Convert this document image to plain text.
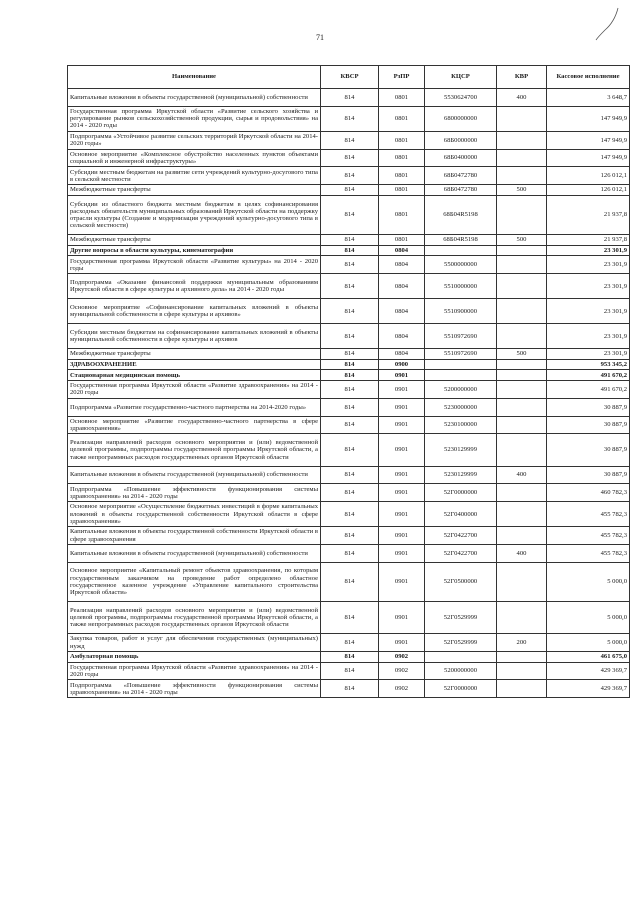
71
Наименование	КВСР	РзПР	КЦСР	КВР	Кассовое исполнение
Капитальные вложения в объекты государственной (муниципальной) собственности	814	0801	5530624700	400	3 648,7
Государственная программа Иркутской области «Развитие сельского хозяйства и регулирование рынков сельскохозяйственной продукции, сырья и продовольствия» на 2014 - 2020 годы	814	0801	6800000000		147 949,9
Подпрограмма «Устойчивое развитие сельских территорий Иркутской области на 2014-2020 годы»	814	0801	68Б0000000		147 949,9
Основное мероприятие «Комплексное обустройство населенных пунктов объектами социальной и инженерной инфраструктуры»	814	0801	68Б0400000		147 949,9
Субсидии местным бюджетам на развитие сети учреждений культурно-досугового типа в сельской местности	814	0801	68Б0472780		126 012,1
Межбюджетные трансферты	814	0801	68Б0472780	500	126 012,1
Субсидии из областного бюджета местным бюджетам в целях софинансирования расходных обязательств муниципальных образований Иркутской области на поддержку отрасли культуры (Создание и модернизация учреждений культурно-досугового типа в сельской местности)	814	0801	68Б04R5198		21 937,8
Межбюджетные трансферты	814	0801	68Б04R5198	500	21 937,8
Другие вопросы в области культуры, кинематографии	814	0804			23 301,9
Государственная программа Иркутской области «Развитие культуры» на 2014 - 2020 годы	814	0804	5500000000		23 301,9
Подпрограмма «Оказание финансовой поддержки муниципальным образованиям Иркутской области в сфере культуры и архивного дела» на 2014 - 2020 годы	814	0804	5510000000		23 301,9
Основное мероприятие «Софинансирование капитальных вложений в объекты муниципальной собственности в сфере культуры и архивов»	814	0804	5510900000		23 301,9
Субсидии местным бюджетам на софинансирование капитальных вложений в объекты муниципальной собственности в сфере культуры и архивов	814	0804	5510972690		23 301,9
Межбюджетные трансферты	814	0804	5510972690	500	23 301,9
ЗДРАВООХРАНЕНИЕ	814	0900			953 345,2
Стационарная медицинская помощь	814	0901			491 670,2
Государственная программа Иркутской области «Развитие здравоохранения» на 2014 - 2020 годы	814	0901	5200000000		491 670,2
Подпрограмма «Развитие государственно-частного партнерства на 2014-2020 годы»	814	0901	5230000000		30 887,9
Основное мероприятие «Развитие государственно-частного партнерства в сфере здравоохранения»	814	0901	5230100000		30 887,9
Реализация направлений расходов основного мероприятия и (или) ведомственной целевой программы, подпрограммы государственной программы Иркутской области, а также непрограммных расходов государственных органов Иркутской области	814	0901	5230129999		30 887,9
Капитальные вложения в объекты государственной (муниципальной) собственности	814	0901	5230129999	400	30 887,9
Подпрограмма «Повышение эффективности функционирования системы здравоохранения» на 2014 - 2020 годы	814	0901	52Г0000000		460 782,3
Основное мероприятие «Осуществление бюджетных инвестиций в форме капитальных вложений в объекты государственной собственности Иркутской области в сфере здравоохранения»	814	0901	52Г0400000		455 782,3
Капитальные вложения в объекты государственной собственности Иркутской области в сфере здравоохранения	814	0901	52Г0422700		455 782,3
Капитальные вложения в объекты государственной (муниципальной) собственности	814	0901	52Г0422700	400	455 782,3
Основное мероприятие «Капитальный ремонт объектов здравоохранения, по которым государственным заказчиком на проведение работ определено областное государственное казенное учреждение «Управление капитального строительства Иркутской области»	814	0901	52Г0500000		5 000,0
Реализация направлений расходов основного мероприятия и (или) ведомственной целевой программы, подпрограммы государственной программы Иркутской области, а также непрограммных расходов государственных органов Иркутской области	814	0901	52Г0529999		5 000,0
Закупка товаров, работ и услуг для обеспечения государственных (муниципальных) нужд	814	0901	52Г0529999	200	5 000,0
Амбулаторная помощь	814	0902			461 675,0
Государственная программа Иркутской области «Развитие здравоохранения» на 2014 - 2020 годы	814	0902	5200000000		429 369,7
Подпрограмма «Повышение эффективности функционирования системы здравоохранения» на 2014 - 2020 годы	814	0902	52Г0000000		429 369,7
